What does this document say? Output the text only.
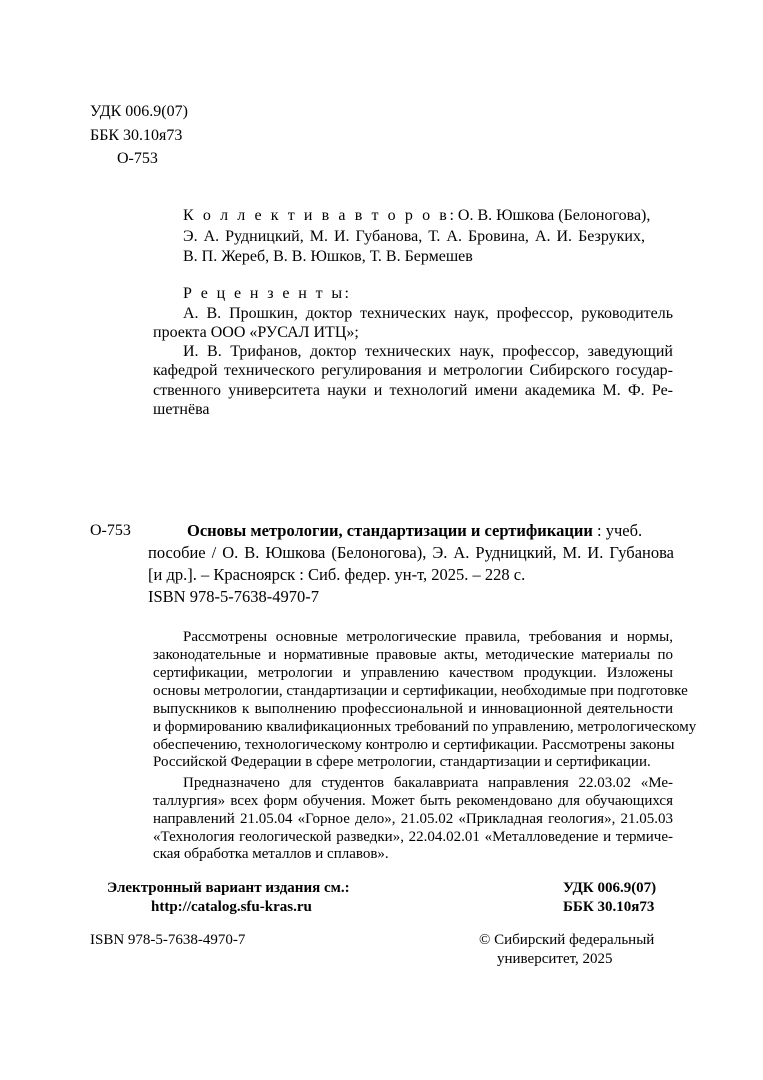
УДК 006.9(07)
ББК 30.10я73
О-753
К о л л е к т и в а в т о р о в: О. В. Юшкова (Белоногова),
Э. А. Рудницкий, М. И. Губанова, Т. А. Бровина, А. И. Безруких,
В. П. Жереб, В. В. Юшков, Т. В. Бермешев
Р е ц е н з е н т ы:
А. В. Прошкин, доктор технических наук, профессор, руководитель
проекта ООО «РУСАЛ ИТЦ»;
И. В. Трифанов, доктор технических наук, профессор, заведующий
кафедрой технического регулирования и метрологии Сибирского государ-
ственного университета науки и технологий имени академика М. Ф. Ре-
шетнёва
О-753	Основы метрологии, стандартизации и сертификации : учеб.
пособие / О. В. Юшкова (Белоногова), Э. А. Рудницкий, М. И. Губанова
[и др.]. – Красноярск : Сиб. федер. ун-т, 2025. – 228 с.
ISBN 978-5-7638-4970-7
Рассмотрены основные метрологические правила, требования и нормы,
законодательные и нормативные правовые акты, методические материалы по
сертификации, метрологии и управлению качеством продукции. Изложены
основы метрологии, стандартизации и сертификации, необходимые при подготовке
выпускников к выполнению профессиональной и инновационной деятельности
и формированию квалификационных требований по управлению, метрологическому
обеспечению, технологическому контролю и сертификации. Рассмотрены законы
Российской Федерации в сфере метрологии, стандартизации и сертификации.
Предназначено для студентов бакалавриата направления 22.03.02 «Ме-
таллургия» всех форм обучения. Может быть рекомендовано для обучающихся
направлений 21.05.04 «Горное дело», 21.05.02 «Прикладная геология», 21.05.03
«Технология геологической разведки», 22.04.02.01 «Металловедение и термиче-
ская обработка металлов и сплавов».
Электронный вариант издания см.:
http://catalog.sfu-kras.ru
УДК 006.9(07)
ББК 30.10я73
ISBN 978-5-7638-4970-7	© Сибирский федеральный
университет, 2025
